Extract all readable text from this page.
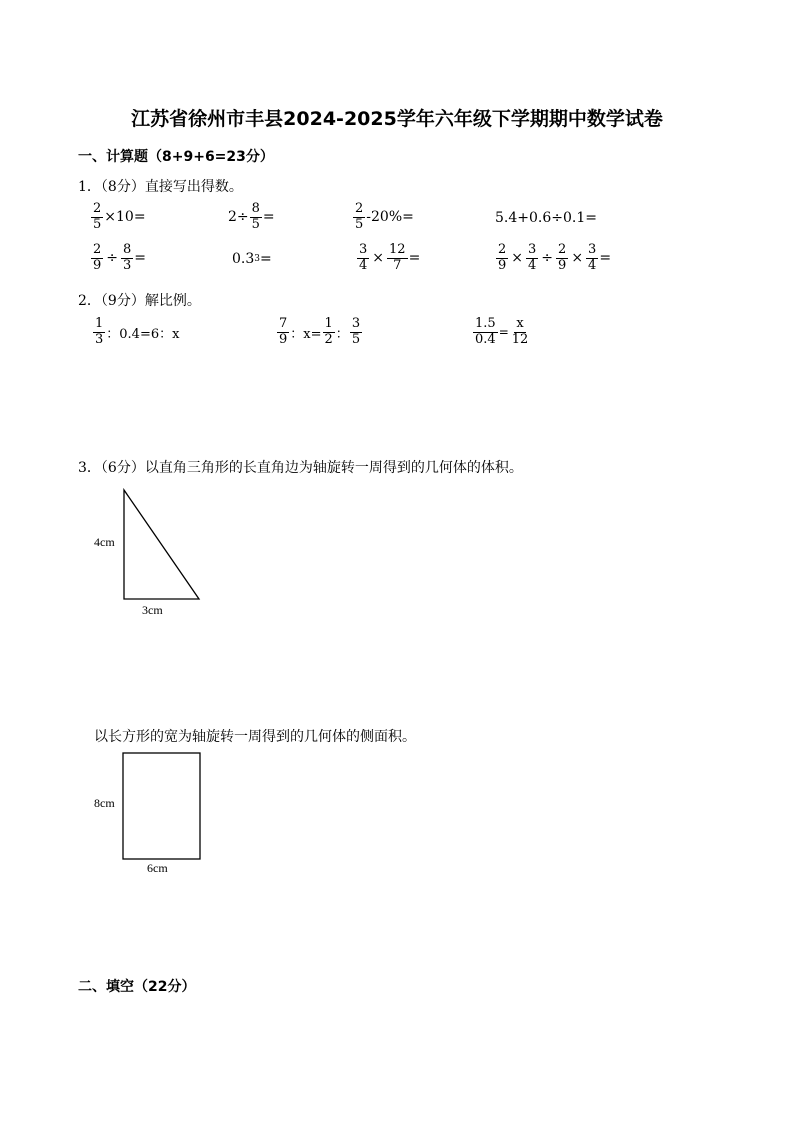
江苏省徐州市丰县2024-2025学年六年级下学期期中数学试卷
一、计算题（8+9+6=23分）
1．（8分）直接写出得数。
$\frac{2}{5} \times 10=$	$2\div \frac{8}{5}$ =	$\frac{2}{5} -20\%=$	5.4+0.6÷0.1=
$\frac{2}{9} \div \frac{8}{3}$ =	0.3 3 =	$\frac{3}{4} \times \frac{12}{7}$ =	$\frac{2}{9} \times \frac{3}{4} \div \frac{2}{9} \times \frac{3}{4}$ =
2．（9分）解比例。
$\frac{1}{3}$ ：0.4=6：x	$\frac{7}{9}$ ：$x= \frac{1}{2}$ ： $\frac{3}{5}$	$\frac{1.5}{0.4} = \frac{x}{12}$
3．（6分）以直角三角形的长直角边为轴旋转一周得到的几何体的体积。
4cm
3cm
以长方形的宽为轴旋转一周得到的几何体的侧面积。
8cm
6cm
二、填空（22分）
